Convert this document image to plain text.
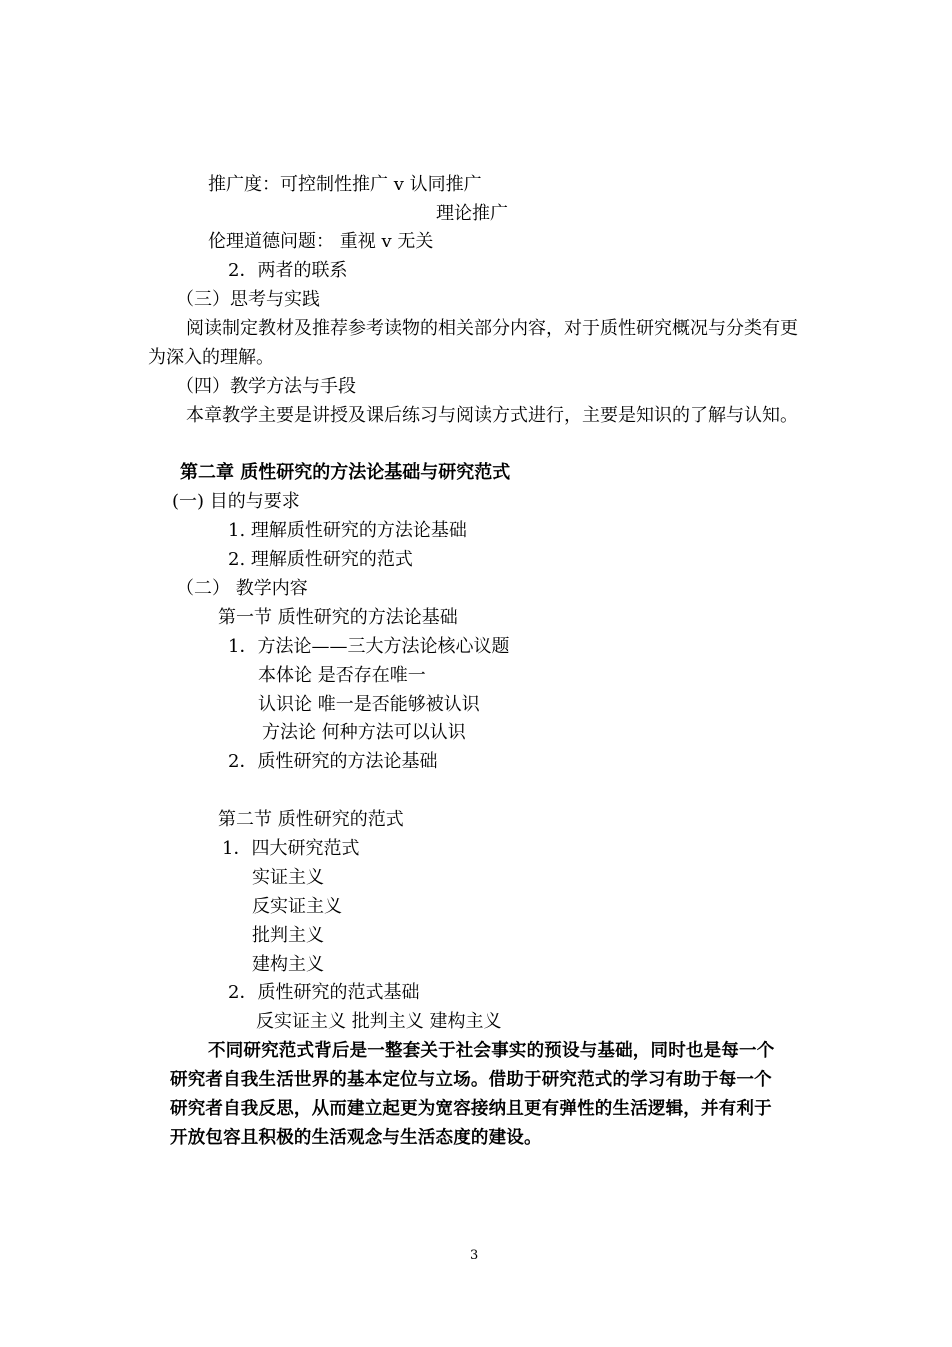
推广度：可控制性推广 v 认同推广
理论推广
伦理道德问题： 重视 v 无关
2．两者的联系
（三）思考与实践
阅读制定教材及推荐参考读物的相关部分内容，对于质性研究概况与分类有更
为深入的理解。
（四）教学方法与手段
本章教学主要是讲授及课后练习与阅读方式进行，主要是知识的了解与认知。
第二章 质性研究的方法论基础与研究范式
(一) 目的与要求
1. 理解质性研究的方法论基础
2. 理解质性研究的范式
（二） 教学内容
第一节 质性研究的方法论基础
1．方法论——三大方法论核心议题
本体论 是否存在唯一
认识论 唯一是否能够被认识
方法论 何种方法可以认识
2．质性研究的方法论基础
第二节 质性研究的范式
1．四大研究范式
实证主义
反实证主义
批判主义
建构主义
2．质性研究的范式基础
反实证主义 批判主义 建构主义
不同研究范式背后是一整套关于社会事实的预设与基础，同时也是每一个
研究者自我生活世界的基本定位与立场。借助于研究范式的学习有助于每一个
研究者自我反思，从而建立起更为宽容接纳且更有弹性的生活逻辑，并有利于
开放包容且积极的生活观念与生活态度的建设。
3
